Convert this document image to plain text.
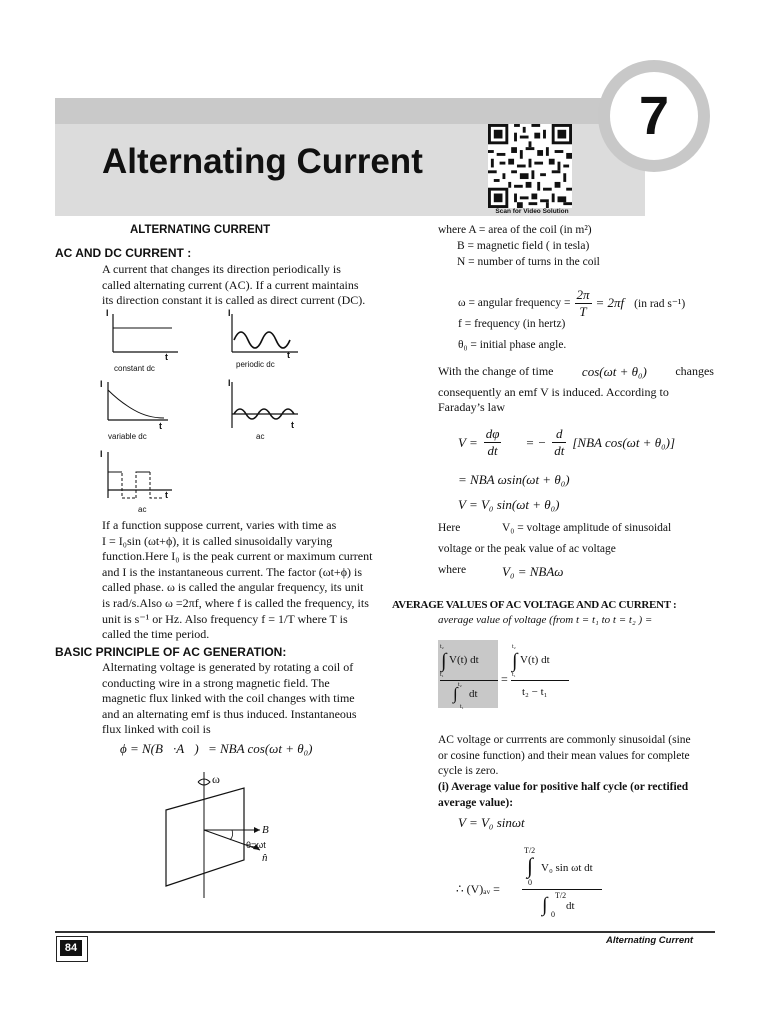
7
Alternating Current
Scan for Video Solution
ALTERNATING CURRENT
AC AND DC CURRENT :
A current that changes its direction periodically is
called alternating current (AC). If a current maintains
its direction constant it is called as direct current (DC).
I
t
constant dc
I
t
periodic dc
I
t
variable dc
I
t
ac
I
t
ac
If a function suppose current, varies with time as
I = I₀sin (ωt+ϕ), it is called sinusoidally varying
function.Here I₀ is the peak current or maximum current
and I is the instantaneous current. The factor (ωt+ϕ) is
called phase. ω is called the angular frequency, its unit
is rad/s.Also ω =2πf, where f is called the frequency, its
unit is s⁻¹ or Hz. Also frequency f = 1/T where T is
called the time period.
BASIC PRINCIPLE OF AC GENERATION:
Alternating voltage is generated by rotating a coil of
conducting wire in a strong magnetic field. The
magnetic flux linked with the coil changes with time
and an alternating emf is thus induced. Instantaneous
flux linked with coil is
ϕ = N(B⃗·A⃗) = NBA cos(ωt + θ₀)
ω
B⃗
θ=ωt
n̂
where A = area of the coil (in m²)
B = magnetic field ( in tesla)
N = number of turns in the coil
ω = angular frequency = $\frac{2\pi}{T} = 2\pi f$ (in rad s⁻¹)
f = frequency (in hertz)
θ₀ = initial phase angle.
With the change of time cos(ωt + θ₀) changes
consequently an emf V is induced. According to
Faraday’s law
$V = \frac{d\varphi}{dt}$ = − $\frac{d}{dt} [NBA$ cos(ωt + θ₀)]
= NBA ωsin(ωt + θ₀)
V = V₀ sin(ωt + θ₀)
Here	V₀ = voltage amplitude of sinusoidal
voltage or the peak value of ac voltage
where	V₀ = NBAω
AVERAGE VALUES OF AC VOLTAGE AND AC CURRENT :
average value of voltage (from t = t₁ to t = t₂ ) =
t₂
∫ V(t) dt
t₁
t₂
∫
t₁
dt
=
t₂
∫ V(t) dt
t₁
t₂ − t₁
AC voltage or currrents are commonly sinusoidal (sine
or cosine function) and their mean values for complete
cycle is zero.
(i) Average value for positive half cycle (or rectified
average value):
V = V₀ sinωt
T/2
∫ V₀ sin ωt dt
0
∴ (V)ₐᵥ =	T/2
∫ dt
0
84
Alternating Current
